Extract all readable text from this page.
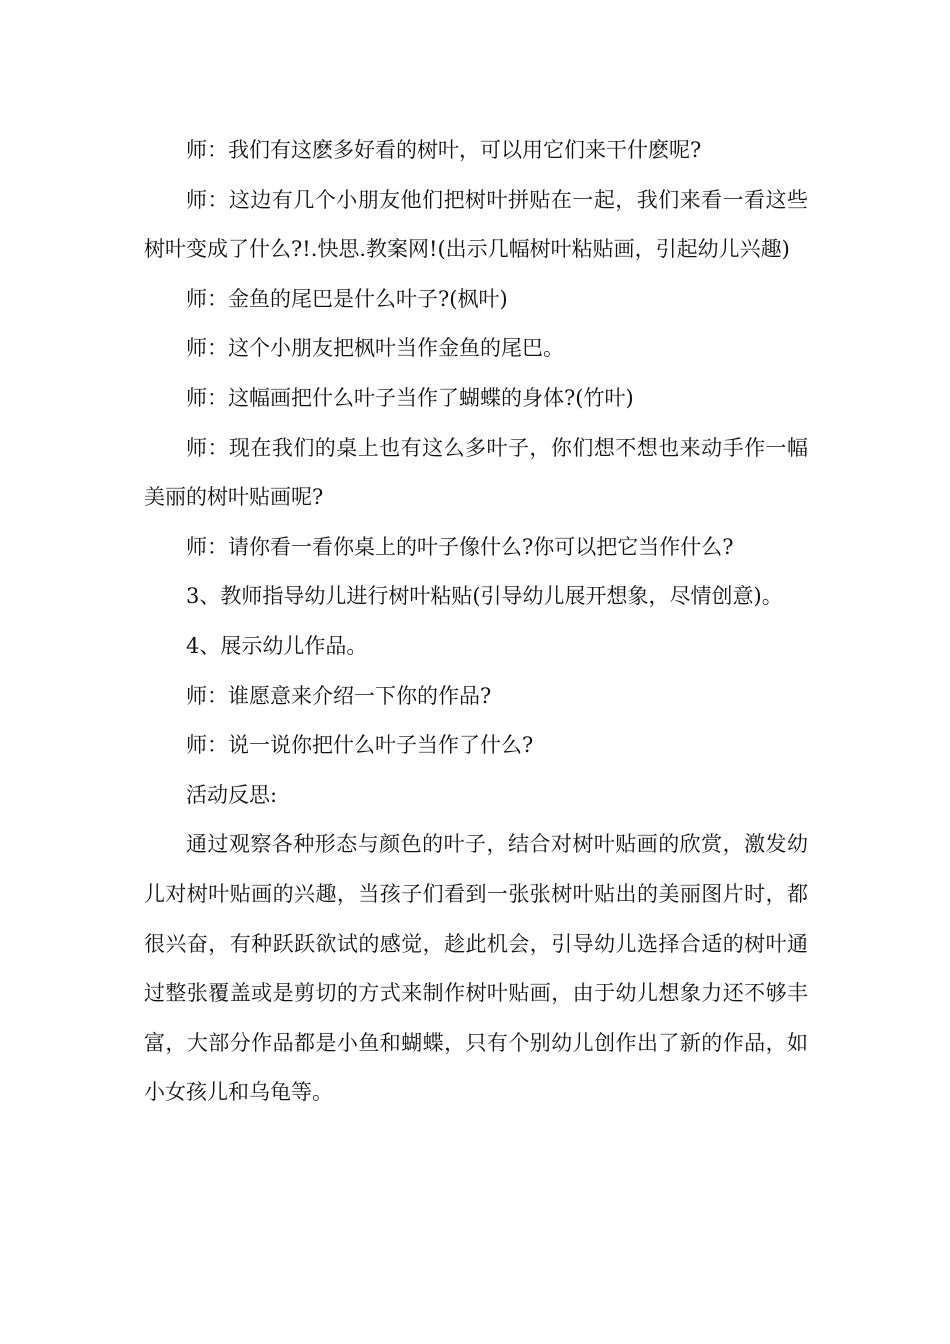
师：我们有这麽多好看的树叶，可以用它们来干什麽呢?

师：这边有几个小朋友他们把树叶拼贴在一起，我们来看一看这些树叶变成了什么?!.快思.教案网!(出示几幅树叶粘贴画，引起幼儿兴趣)

师：金鱼的尾巴是什么叶子?(枫叶)

师：这个小朋友把枫叶当作金鱼的尾巴。

师：这幅画把什么叶子当作了蝴蝶的身体?(竹叶)

师：现在我们的桌上也有这么多叶子，你们想不想也来动手作一幅美丽的树叶贴画呢?

师：请你看一看你桌上的叶子像什么?你可以把它当作什么?

3、教师指导幼儿进行树叶粘贴(引导幼儿展开想象，尽情创意)。

4、展示幼儿作品。

师：谁愿意来介绍一下你的作品?

师：说一说你把什么叶子当作了什么?

活动反思:

通过观察各种形态与颜色的叶子，结合对树叶贴画的欣赏，激发幼儿对树叶贴画的兴趣，当孩子们看到一张张树叶贴出的美丽图片时，都很兴奋，有种跃跃欲试的感觉，趁此机会，引导幼儿选择合适的树叶通过整张覆盖或是剪切的方式来制作树叶贴画，由于幼儿想象力还不够丰富，大部分作品都是小鱼和蝴蝶，只有个别幼儿创作出了新的作品，如小女孩儿和乌龟等。
